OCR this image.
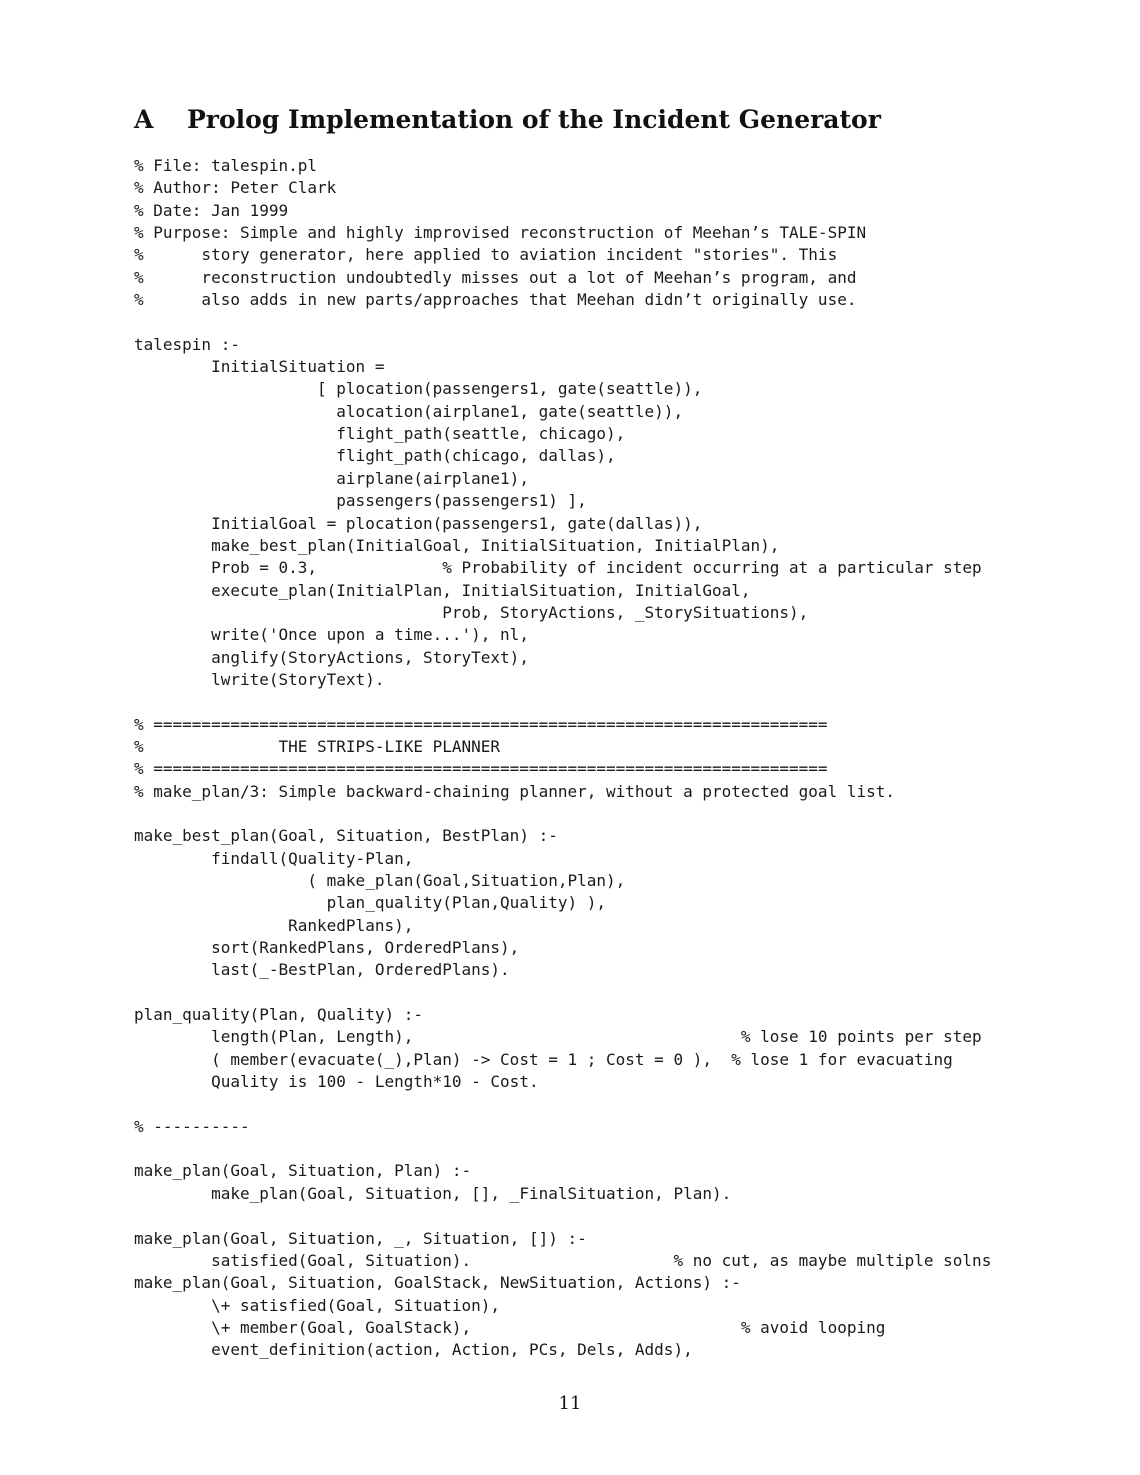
A Prolog Implementation of the Incident Generator
% File: talespin.pl
% Author: Peter Clark
% Date: Jan 1999
% Purpose: Simple and highly improvised reconstruction of Meehan’s TALE-SPIN
%      story generator, here applied to aviation incident "stories". This
%      reconstruction undoubtedly misses out a lot of Meehan’s program, and
%      also adds in new parts/approaches that Meehan didn’t originally use.
talespin :-
InitialSituation =
[ plocation(passengers1, gate(seattle)),
alocation(airplane1, gate(seattle)),
flight_path(seattle, chicago),
flight_path(chicago, dallas),
airplane(airplane1),
passengers(passengers1) ],
InitialGoal = plocation(passengers1, gate(dallas)),
make_best_plan(InitialGoal, InitialSituation, InitialPlan),
Prob = 0.3,             % Probability of incident occurring at a particular step
execute_plan(InitialPlan, InitialSituation, InitialGoal,
Prob, StoryActions, _StorySituations),
write('Once upon a time...'), nl,
anglify(StoryActions, StoryText),
lwrite(StoryText).
% ======================================================================
%              THE STRIPS-LIKE PLANNER
% ======================================================================
% make_plan/3: Simple backward-chaining planner, without a protected goal list.
make_best_plan(Goal, Situation, BestPlan) :-
findall(Quality-Plan,
( make_plan(Goal,Situation,Plan),
plan_quality(Plan,Quality) ),
RankedPlans),
sort(RankedPlans, OrderedPlans),
last(_-BestPlan, OrderedPlans).
plan_quality(Plan, Quality) :-
length(Plan, Length),                                  % lose 10 points per step
( member(evacuate(_),Plan) -> Cost = 1 ; Cost = 0 ),  % lose 1 for evacuating
Quality is 100 - Length*10 - Cost.
% ----------
make_plan(Goal, Situation, Plan) :-
make_plan(Goal, Situation, [], _FinalSituation, Plan).
make_plan(Goal, Situation, _, Situation, []) :-
satisfied(Goal, Situation).                     % no cut, as maybe multiple solns
make_plan(Goal, Situation, GoalStack, NewSituation, Actions) :-
\+ satisfied(Goal, Situation),
\+ member(Goal, GoalStack),                            % avoid looping
event_definition(action, Action, PCs, Dels, Adds),
11
